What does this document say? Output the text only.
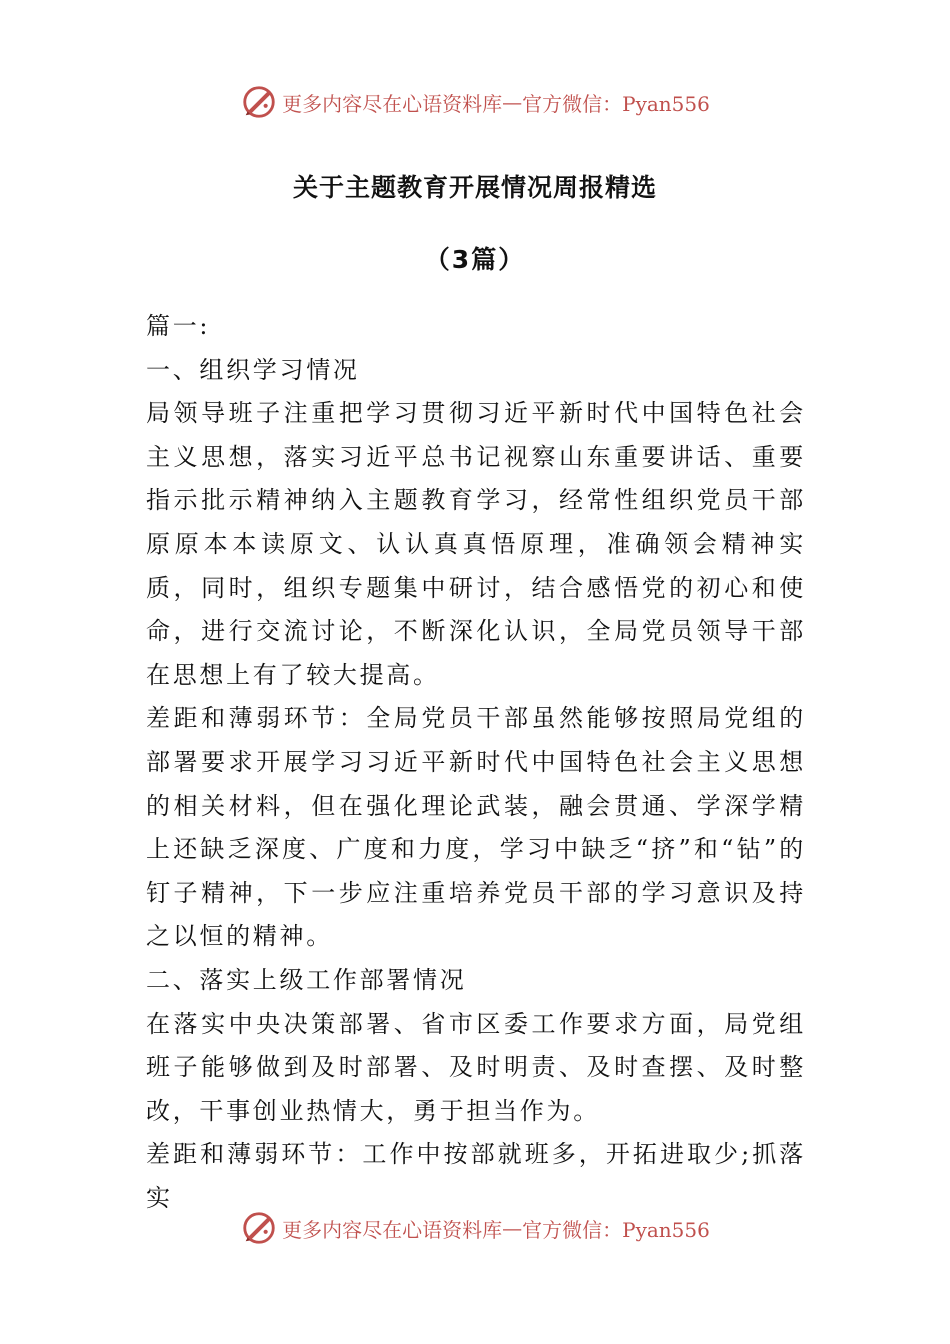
更多内容尽在心语资料库 — 官方微信：Pyan556
关于主题教育开展情况周报精选
（3篇）

篇一:

一、组织学习情况

局领导班子注重把学习贯彻习近平新时代中国特色社会主义思想，落实习近平总书记视察山东重要讲话、重要指示批示精神纳入主题教育学习，经常性组织党员干部原原本本读原文、认认真真悟原理，准确领会精神实质，同时，组织专题集中研讨，结合感悟党的初心和使命，进行交流讨论，不断深化认识，全局党员领导干部在思想上有了较大提高。

差距和薄弱环节：全局党员干部虽然能够按照局党组的部署要求开展学习习近平新时代中国特色社会主义思想的相关材料，但在强化理论武装，融会贯通、学深学精上还缺乏深度、广度和力度，学习中缺乏“挤”和“钻”的钉子精神，下一步应注重培养党员干部的学习意识及持之以恒的精神。

二、落实上级工作部署情况

在落实中央决策部署、省市区委工作要求方面，局党组班子能够做到及时部署、及时明责、及时查摆、及时整改，干事创业热情大，勇于担当作为。

差距和薄弱环节：工作中按部就班多，开拓进取少;抓落实

更多内容尽在心语资料库 — 官方微信：Pyan556
